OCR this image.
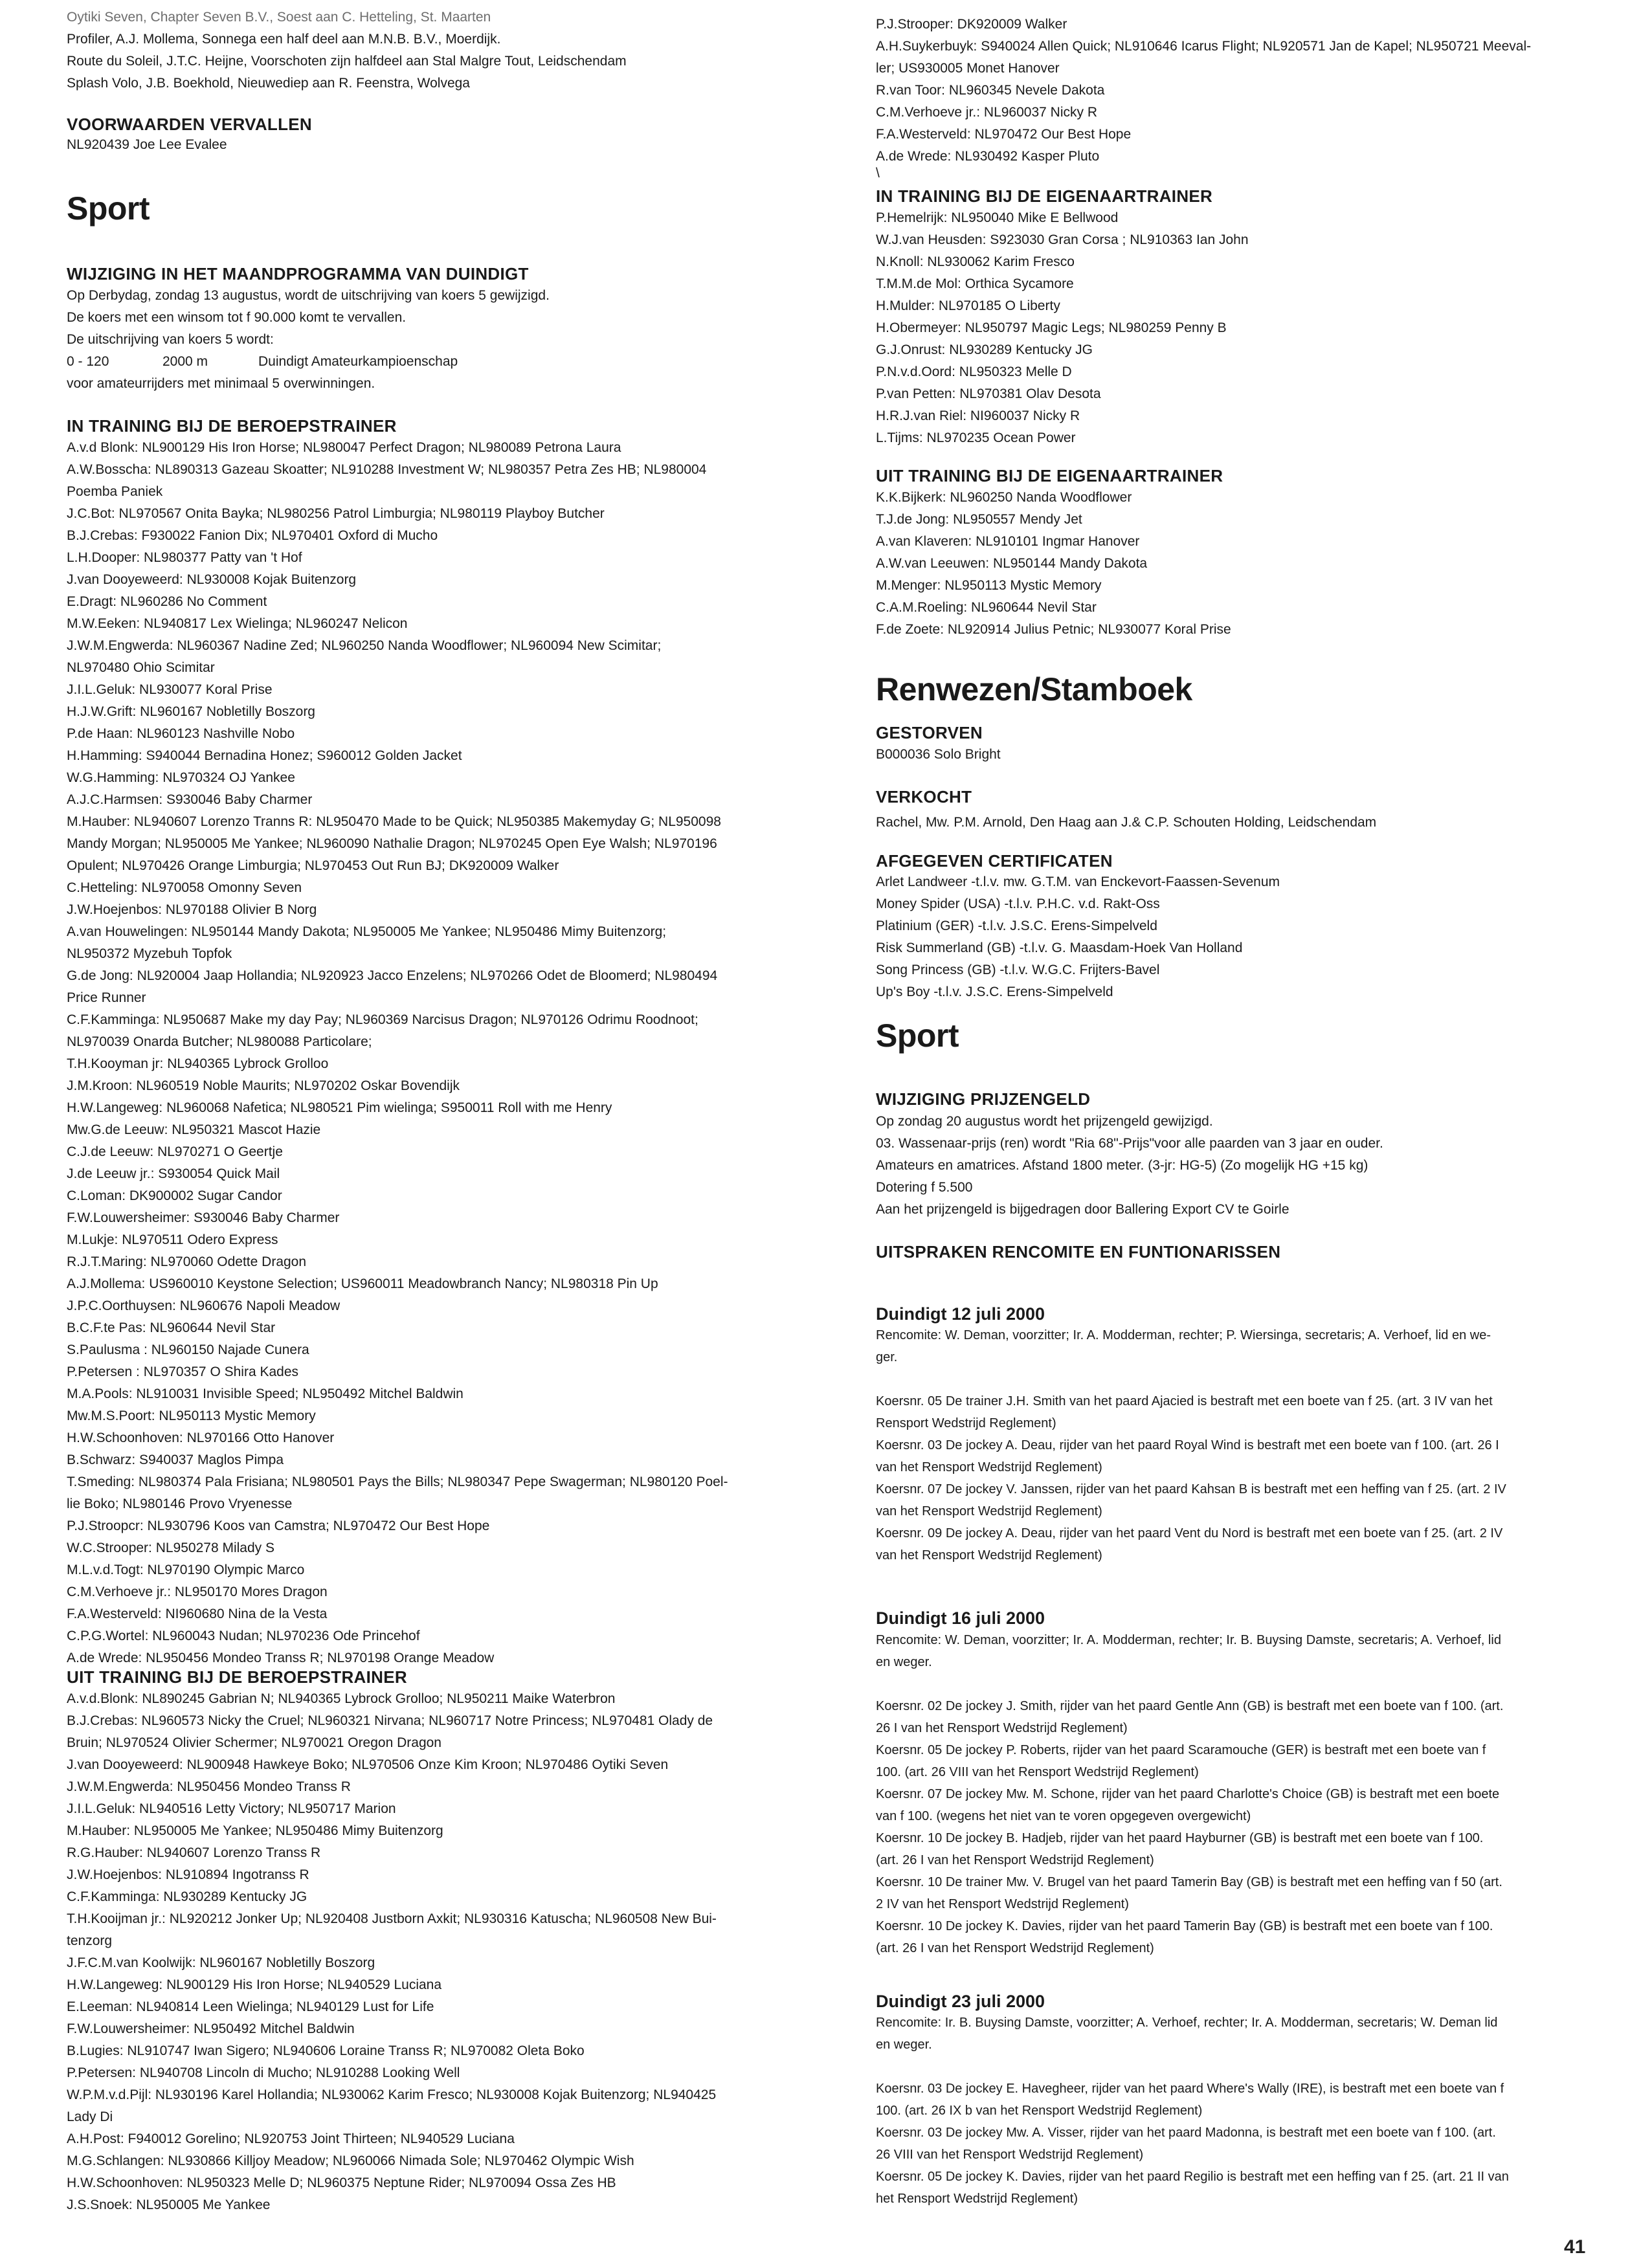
Oytiki Seven, Chapter Seven B.V., Soest aan C. Hetteling, St. Maarten
Profiler, A.J. Mollema, Sonnega een half deel aan M.N.B. B.V., Moerdijk.
Route du Soleil, J.T.C. Heijne, Voorschoten zijn halfdeel aan Stal Malgre Tout, Leidschendam
Splash Volo, J.B. Boekhold, Nieuwediep aan R. Feenstra, Wolvega
VOORWAARDEN VERVALLEN
NL920439 Joe Lee Evalee
Sport
WIJZIGING IN HET MAANDPROGRAMMA VAN DUINDIGT
Op Derbydag, zondag 13 augustus, wordt de uitschrijving van koers 5 gewijzigd.
De koers met een winsom tot f 90.000 komt te vervallen.
De uitschrijving van koers 5 wordt:
0 - 120	2000 m	Duindigt Amateurkampioenschap
voor amateurrijders met minimaal 5 overwinningen.
IN TRAINING BIJ DE BEROEPSTRAINER
A.v.d Blonk: NL900129 His Iron Horse; NL980047 Perfect Dragon; NL980089 Petrona Laura
A.W.Bosscha: NL890313 Gazeau Skoatter; NL910288 Investment W; NL980357 Petra Zes HB; NL980004
Poemba Paniek
J.C.Bot: NL970567 Onita Bayka; NL980256 Patrol Limburgia; NL980119 Playboy Butcher
B.J.Crebas: F930022 Fanion Dix; NL970401 Oxford di Mucho
L.H.Dooper: NL980377 Patty van 't Hof
J.van Dooyeweerd: NL930008 Kojak Buitenzorg
E.Dragt: NL960286 No Comment
M.W.Eeken: NL940817 Lex Wielinga; NL960247 Nelicon
J.W.M.Engwerda: NL960367 Nadine Zed; NL960250 Nanda Woodflower; NL960094 New Scimitar;
NL970480 Ohio Scimitar
J.I.L.Geluk: NL930077 Koral Prise
H.J.W.Grift: NL960167 Nobletilly Boszorg
P.de Haan: NL960123 Nashville Nobo
H.Hamming: S940044 Bernadina Honez; S960012 Golden Jacket
W.G.Hamming: NL970324 OJ Yankee
A.J.C.Harmsen: S930046 Baby Charmer
M.Hauber: NL940607 Lorenzo Tranns R: NL950470 Made to be Quick; NL950385 Makemyday G; NL950098
Mandy Morgan; NL950005 Me Yankee; NL960090 Nathalie Dragon; NL970245 Open Eye Walsh; NL970196
Opulent; NL970426 Orange Limburgia; NL970453 Out Run BJ; DK920009 Walker
C.Hetteling: NL970058 Omonny Seven
J.W.Hoejenbos: NL970188 Olivier B Norg
A.van Houwelingen: NL950144 Mandy Dakota; NL950005 Me Yankee; NL950486 Mimy Buitenzorg;
NL950372 Myzebuh Topfok
G.de Jong: NL920004 Jaap Hollandia; NL920923 Jacco Enzelens; NL970266 Odet de Bloomerd; NL980494
Price Runner
C.F.Kamminga: NL950687 Make my day Pay; NL960369 Narcisus Dragon; NL970126 Odrimu Roodnoot;
NL970039 Onarda Butcher; NL980088 Particolare;
T.H.Kooyman jr: NL940365 Lybrock Grolloo
J.M.Kroon: NL960519 Noble Maurits; NL970202 Oskar Bovendijk
H.W.Langeweg: NL960068 Nafetica; NL980521 Pim wielinga; S950011 Roll with me Henry
Mw.G.de Leeuw: NL950321 Mascot Hazie
C.J.de Leeuw: NL970271 O Geertje
J.de Leeuw jr.: S930054 Quick Mail
C.Loman: DK900002 Sugar Candor
F.W.Louwersheimer: S930046 Baby Charmer
M.Lukje: NL970511 Odero Express
R.J.T.Maring: NL970060 Odette Dragon
A.J.Mollema: US960010 Keystone Selection; US960011 Meadowbranch Nancy; NL980318 Pin Up
J.P.C.Oorthuysen: NL960676 Napoli Meadow
B.C.F.te Pas: NL960644 Nevil Star
S.Paulusma : NL960150 Najade Cunera
P.Petersen : NL970357 O Shira Kades
M.A.Pools: NL910031 Invisible Speed; NL950492 Mitchel Baldwin
Mw.M.S.Poort: NL950113 Mystic Memory
H.W.Schoonhoven: NL970166 Otto Hanover
B.Schwarz: S940037 Maglos Pimpa
T.Smeding: NL980374 Pala Frisiana; NL980501 Pays the Bills; NL980347 Pepe Swagerman; NL980120 Poel-
lie Boko; NL980146 Provo Vryenesse
P.J.Stroopcr: NL930796 Koos van Camstra; NL970472 Our Best Hope
W.C.Strooper: NL950278 Milady S
M.L.v.d.Togt: NL970190 Olympic Marco
C.M.Verhoeve jr.: NL950170 Mores Dragon
F.A.Westerveld: NI960680 Nina de la Vesta
C.P.G.Wortel: NL960043 Nudan; NL970236 Ode Princehof
A.de Wrede: NL950456 Mondeo Transs R; NL970198 Orange Meadow
UIT TRAINING BIJ DE BEROEPSTRAINER
A.v.d.Blonk: NL890245 Gabrian N; NL940365 Lybrock Grolloo; NL950211 Maike Waterbron
B.J.Crebas: NL960573 Nicky the Cruel; NL960321 Nirvana; NL960717 Notre Princess; NL970481 Olady de
Bruin; NL970524 Olivier Schermer; NL970021 Oregon Dragon
J.van Dooyeweerd: NL900948 Hawkeye Boko; NL970506 Onze Kim Kroon; NL970486 Oytiki Seven
J.W.M.Engwerda: NL950456 Mondeo Transs R
J.I.L.Geluk: NL940516 Letty Victory; NL950717 Marion
M.Hauber: NL950005 Me Yankee; NL950486 Mimy Buitenzorg
R.G.Hauber: NL940607 Lorenzo Transs R
J.W.Hoejenbos: NL910894 Ingotranss R
C.F.Kamminga: NL930289 Kentucky JG
T.H.Kooijman jr.: NL920212 Jonker Up; NL920408 Justborn Axkit; NL930316 Katuscha; NL960508 New Bui-
tenzorg
J.F.C.M.van Koolwijk: NL960167 Nobletilly Boszorg
H.W.Langeweg: NL900129 His Iron Horse; NL940529 Luciana
E.Leeman: NL940814 Leen Wielinga; NL940129 Lust for Life
F.W.Louwersheimer: NL950492 Mitchel Baldwin
B.Lugies: NL910747 Iwan Sigero; NL940606 Loraine Transs R; NL970082 Oleta Boko
P.Petersen: NL940708 Lincoln di Mucho; NL910288 Looking Well
W.P.M.v.d.Pijl: NL930196 Karel Hollandia; NL930062 Karim Fresco; NL930008 Kojak Buitenzorg; NL940425
Lady Di
A.H.Post: F940012 Gorelino; NL920753 Joint Thirteen; NL940529 Luciana
M.G.Schlangen: NL930866 Killjoy Meadow; NL960066 Nimada Sole; NL970462 Olympic Wish
H.W.Schoonhoven: NL950323 Melle D; NL960375 Neptune Rider; NL970094 Ossa Zes HB
J.S.Snoek: NL950005 Me Yankee
P.J.Strooper: DK920009 Walker
A.H.Suykerbuyk: S940024 Allen Quick; NL910646 Icarus Flight; NL920571 Jan de Kapel; NL950721 Meeval-
ler; US930005 Monet Hanover
R.van Toor: NL960345 Nevele Dakota
C.M.Verhoeve jr.: NL960037 Nicky R
F.A.Westerveld: NL970472 Our Best Hope
A.de Wrede: NL930492 Kasper Pluto
\
IN TRAINING BIJ DE EIGENAARTRAINER
P.Hemelrijk: NL950040 Mike E Bellwood
W.J.van Heusden: S923030 Gran Corsa ; NL910363 Ian John
N.Knoll: NL930062 Karim Fresco
T.M.M.de Mol: Orthica Sycamore
H.Mulder: NL970185 O Liberty
H.Obermeyer: NL950797 Magic Legs; NL980259 Penny B
G.J.Onrust: NL930289 Kentucky JG
P.N.v.d.Oord: NL950323 Melle D
P.van Petten: NL970381 Olav Desota
H.R.J.van Riel: NI960037 Nicky R
L.Tijms: NL970235 Ocean Power
UIT TRAINING BIJ DE EIGENAARTRAINER
K.K.Bijkerk: NL960250 Nanda Woodflower
T.J.de Jong: NL950557 Mendy Jet
A.van Klaveren: NL910101 Ingmar Hanover
A.W.van Leeuwen: NL950144 Mandy Dakota
M.Menger: NL950113 Mystic Memory
C.A.M.Roeling: NL960644 Nevil Star
F.de Zoete: NL920914 Julius Petnic; NL930077 Koral Prise
Renwezen/Stamboek
GESTORVEN
B000036 Solo Bright
VERKOCHT
Rachel, Mw. P.M. Arnold, Den Haag aan J.& C.P. Schouten Holding, Leidschendam
AFGEGEVEN CERTIFICATEN
Arlet Landweer -t.l.v. mw. G.T.M. van Enckevort-Faassen-Sevenum
Money Spider (USA) -t.l.v. P.H.C. v.d. Rakt-Oss
Platinium (GER) -t.l.v. J.S.C. Erens-Simpelveld
Risk Summerland (GB) -t.l.v. G. Maasdam-Hoek Van Holland
Song Princess (GB) -t.l.v. W.G.C. Frijters-Bavel
Up's Boy -t.l.v. J.S.C. Erens-Simpelveld
Sport
WIJZIGING PRIJZENGELD
Op zondag 20 augustus wordt het prijzengeld gewijzigd.
03. Wassenaar-prijs (ren) wordt "Ria 68"-Prijs"voor alle paarden van 3 jaar en ouder.
Amateurs en amatrices. Afstand 1800 meter. (3-jr: HG-5) (Zo mogelijk HG +15 kg)
Dotering f 5.500
Aan het prijzengeld is bijgedragen door Ballering Export CV te Goirle
UITSPRAKEN RENCOMITE EN FUNTIONARISSEN
Duindigt 12 juli 2000
Rencomite: W. Deman, voorzitter; Ir. A. Modderman, rechter; P. Wiersinga, secretaris; A. Verhoef, lid en we-
ger.
Koersnr. 05 De trainer J.H. Smith van het paard Ajacied is bestraft met een boete van f 25. (art. 3 IV van het
Rensport Wedstrijd Reglement)
Koersnr. 03 De jockey A. Deau, rijder van het paard Royal Wind is bestraft met een boete van f 100. (art. 26 I
van het Rensport Wedstrijd Reglement)
Koersnr. 07 De jockey V. Janssen, rijder van het paard Kahsan B is bestraft met een heffing van f 25. (art. 2 IV
van het Rensport Wedstrijd Reglement)
Koersnr. 09 De jockey A. Deau, rijder van het paard Vent du Nord is bestraft met een boete van f 25. (art. 2 IV
van het Rensport Wedstrijd Reglement)
Duindigt 16 juli 2000
Rencomite: W. Deman, voorzitter; Ir. A. Modderman, rechter; Ir. B. Buysing Damste, secretaris; A. Verhoef, lid
en weger.
Koersnr. 02 De jockey J. Smith, rijder van het paard Gentle Ann (GB) is bestraft met een boete van f 100. (art.
26 I van het Rensport Wedstrijd Reglement)
Koersnr. 05 De jockey P. Roberts, rijder van het paard Scaramouche (GER) is bestraft met een boete van f
100. (art. 26 VIII van het Rensport Wedstrijd Reglement)
Koersnr. 07 De jockey Mw. M. Schone, rijder van het paard Charlotte's Choice (GB) is bestraft met een boete
van f 100. (wegens het niet van te voren opgegeven overgewicht)
Koersnr. 10 De jockey B. Hadjeb, rijder van het paard Hayburner (GB) is bestraft met een boete van f 100.
(art. 26 I van het Rensport Wedstrijd Reglement)
Koersnr. 10 De trainer Mw. V. Brugel van het paard Tamerin Bay (GB) is bestraft met een heffing van f 50 (art.
2 IV van het Rensport Wedstrijd Reglement)
Koersnr. 10 De jockey K. Davies, rijder van het paard Tamerin Bay (GB) is bestraft met een boete van f 100.
(art. 26 I van het Rensport Wedstrijd Reglement)
Duindigt 23 juli 2000
Rencomite: Ir. B. Buysing Damste, voorzitter; A. Verhoef, rechter; Ir. A. Modderman, secretaris; W. Deman lid
en weger.
Koersnr. 03 De jockey E. Havegheer, rijder van het paard Where's Wally (IRE), is bestraft met een boete van f
100. (art. 26 IX b van het Rensport Wedstrijd Reglement)
Koersnr. 03 De jockey Mw. A. Visser, rijder van het paard Madonna, is bestraft met een boete van f 100. (art.
26 VIII van het Rensport Wedstrijd Reglement)
Koersnr. 05 De jockey K. Davies, rijder van het paard Regilio is bestraft met een heffing van f 25. (art. 21 II van
het Rensport Wedstrijd Reglement)
41
